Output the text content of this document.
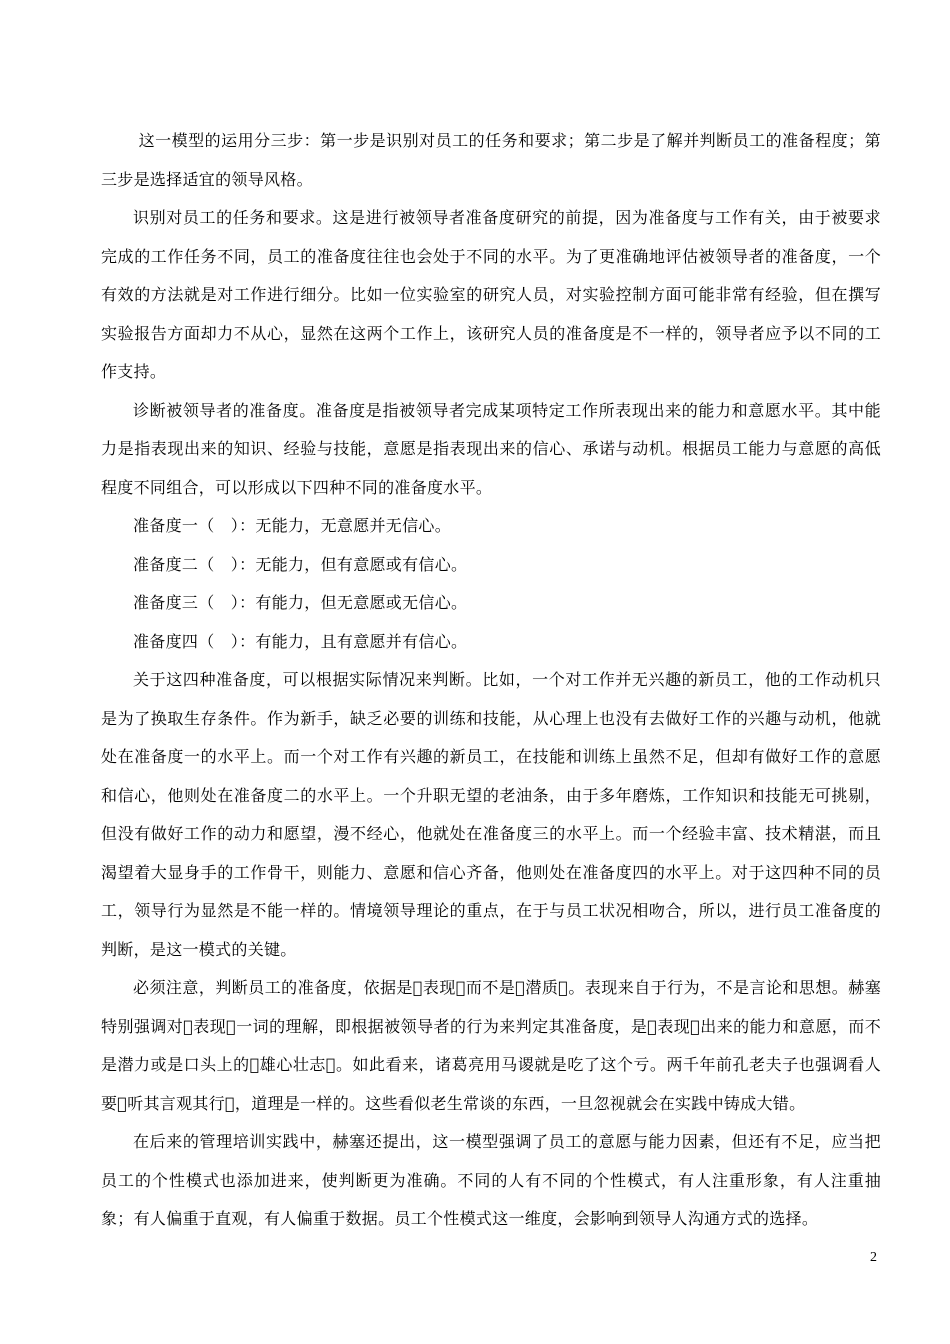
这一模型的运用分三步：第一步是识别对员工的任务和要求；第二步是了解并判断员工的准备程度；第三步是选择适宜的领导风格。

识别对员工的任务和要求。这是进行被领导者准备度研究的前提，因为准备度与工作有关，由于被要求完成的工作任务不同，员工的准备度往往也会处于不同的水平。为了更准确地评估被领导者的准备度，一个有效的方法就是对工作进行细分。比如一位实验室的研究人员，对实验控制方面可能非常有经验，但在撰写实验报告方面却力不从心，显然在这两个工作上，该研究人员的准备度是不一样的，领导者应予以不同的工作支持。

诊断被领导者的准备度。准备度是指被领导者完成某项特定工作所表现出来的能力和意愿水平。其中能力是指表现出来的知识、经验与技能，意愿是指表现出来的信心、承诺与动机。根据员工能力与意愿的高低程度不同组合，可以形成以下四种不同的准备度水平。

准备度一（　）：无能力，无意愿并无信心。

准备度二（　）：无能力，但有意愿或有信心。

准备度三（　）：有能力，但无意愿或无信心。

准备度四（　）：有能力，且有意愿并有信心。

关于这四种准备度，可以根据实际情况来判断。比如，一个对工作并无兴趣的新员工，他的工作动机只是为了换取生存条件。作为新手，缺乏必要的训练和技能，从心理上也没有去做好工作的兴趣与动机，他就处在准备度一的水平上。而一个对工作有兴趣的新员工，在技能和训练上虽然不足，但却有做好工作的意愿和信心，他则处在准备度二的水平上。一个升职无望的老油条，由于多年磨炼，工作知识和技能无可挑剔，但没有做好工作的动力和愿望，漫不经心，他就处在准备度三的水平上。而一个经验丰富、技术精湛，而且渴望着大显身手的工作骨干，则能力、意愿和信心齐备，他则处在准备度四的水平上。对于这四种不同的员工，领导行为显然是不能一样的。情境领导理论的重点，在于与员工状况相吻合，所以，进行员工准备度的判断，是这一模式的关键。

必须注意，判断员工的准备度，依据是 表现 而不是 潜质 。表现来自于行为，不是言论和思想。赫塞特别强调对 表现 一词的理解，即根据被领导者的行为来判定其准备度，是 表现 出来的能力和意愿，而不是潜力或是口头上的 雄心壮志 。如此看来，诸葛亮用马谡就是吃了这个亏。两千年前孔老夫子也强调看人要 听其言观其行 ，道理是一样的。这些看似老生常谈的东西，一旦忽视就会在实践中铸成大错。

在后来的管理培训实践中，赫塞还提出，这一模型强调了员工的意愿与能力因素，但还有不足，应当把员工的个性模式也添加进来，使判断更为准确。不同的人有不同的个性模式，有人注重形象，有人注重抽象；有人偏重于直观，有人偏重于数据。员工个性模式这一维度，会影响到领导人沟通方式的选择。

2
